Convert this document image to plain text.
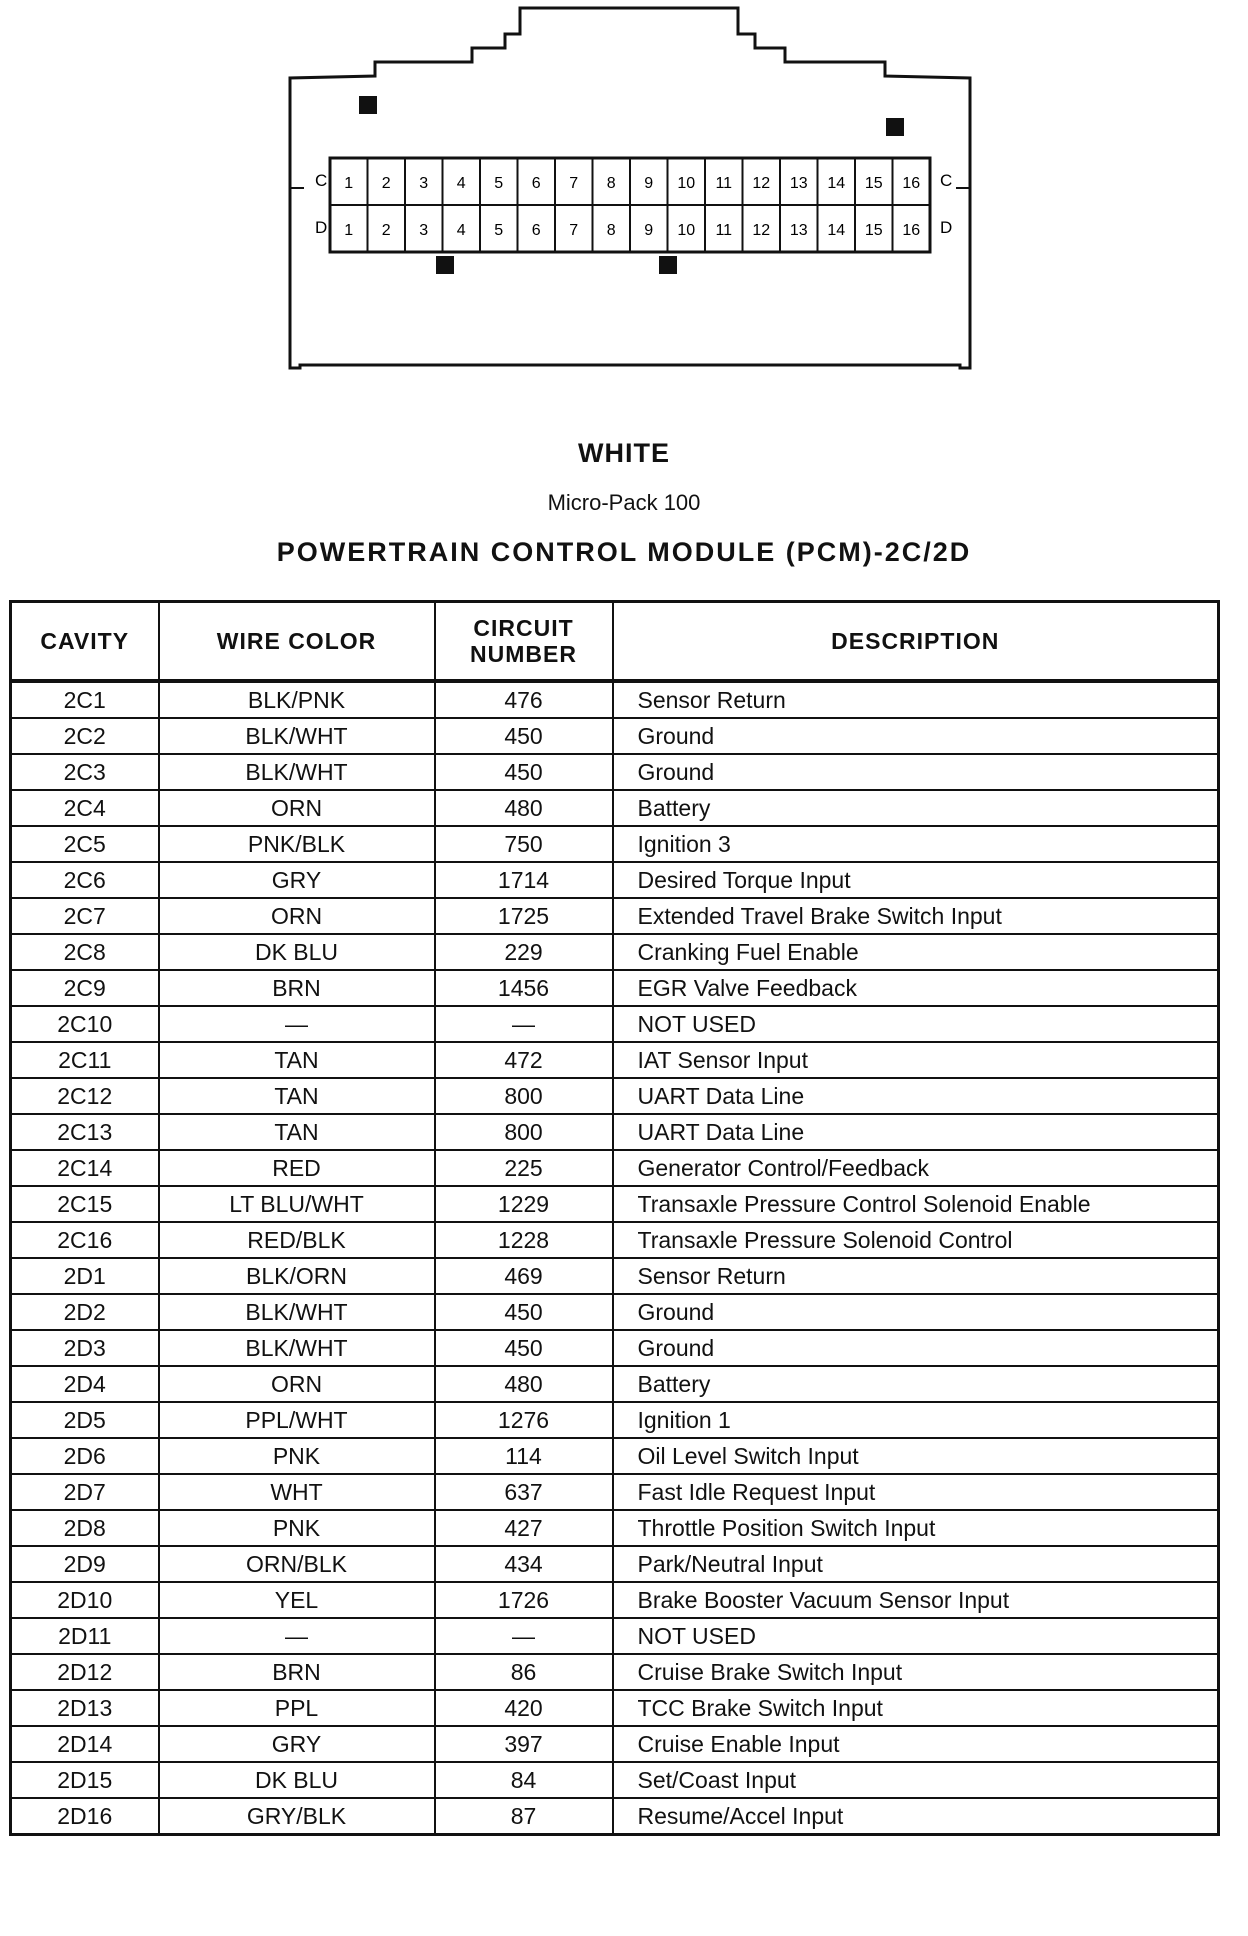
1 2 3 4 5 6 7 8 9 10 11 12 13 14 15 16
1 2 3 4 5 6 7 8 9 10 11 12 13 14 15 16
C
D
C
D
WHITE
Micro-Pack 100
POWERTRAIN CONTROL MODULE (PCM)-2C/2D
CAVITY	WIRE COLOR	CIRCUIT
NUMBER	DESCRIPTION
2C1	BLK/PNK	476	Sensor Return
2C2	BLK/WHT	450	Ground
2C3	BLK/WHT	450	Ground
2C4	ORN	480	Battery
2C5	PNK/BLK	750	Ignition 3
2C6	GRY	1714	Desired Torque Input
2C7	ORN	1725	Extended Travel Brake Switch Input
2C8	DK BLU	229	Cranking Fuel Enable
2C9	BRN	1456	EGR Valve Feedback
2C10	—	—	NOT USED
2C11	TAN	472	IAT Sensor Input
2C12	TAN	800	UART Data Line
2C13	TAN	800	UART Data Line
2C14	RED	225	Generator Control/Feedback
2C15	LT BLU/WHT	1229	Transaxle Pressure Control Solenoid Enable
2C16	RED/BLK	1228	Transaxle Pressure Solenoid Control
2D1	BLK/ORN	469	Sensor Return
2D2	BLK/WHT	450	Ground
2D3	BLK/WHT	450	Ground
2D4	ORN	480	Battery
2D5	PPL/WHT	1276	Ignition 1
2D6	PNK	114	Oil Level Switch Input
2D7	WHT	637	Fast Idle Request Input
2D8	PNK	427	Throttle Position Switch Input
2D9	ORN/BLK	434	Park/Neutral Input
2D10	YEL	1726	Brake Booster Vacuum Sensor Input
2D11	—	—	NOT USED
2D12	BRN	86	Cruise Brake Switch Input
2D13	PPL	420	TCC Brake Switch Input
2D14	GRY	397	Cruise Enable Input
2D15	DK BLU	84	Set/Coast Input
2D16	GRY/BLK	87	Resume/Accel Input
